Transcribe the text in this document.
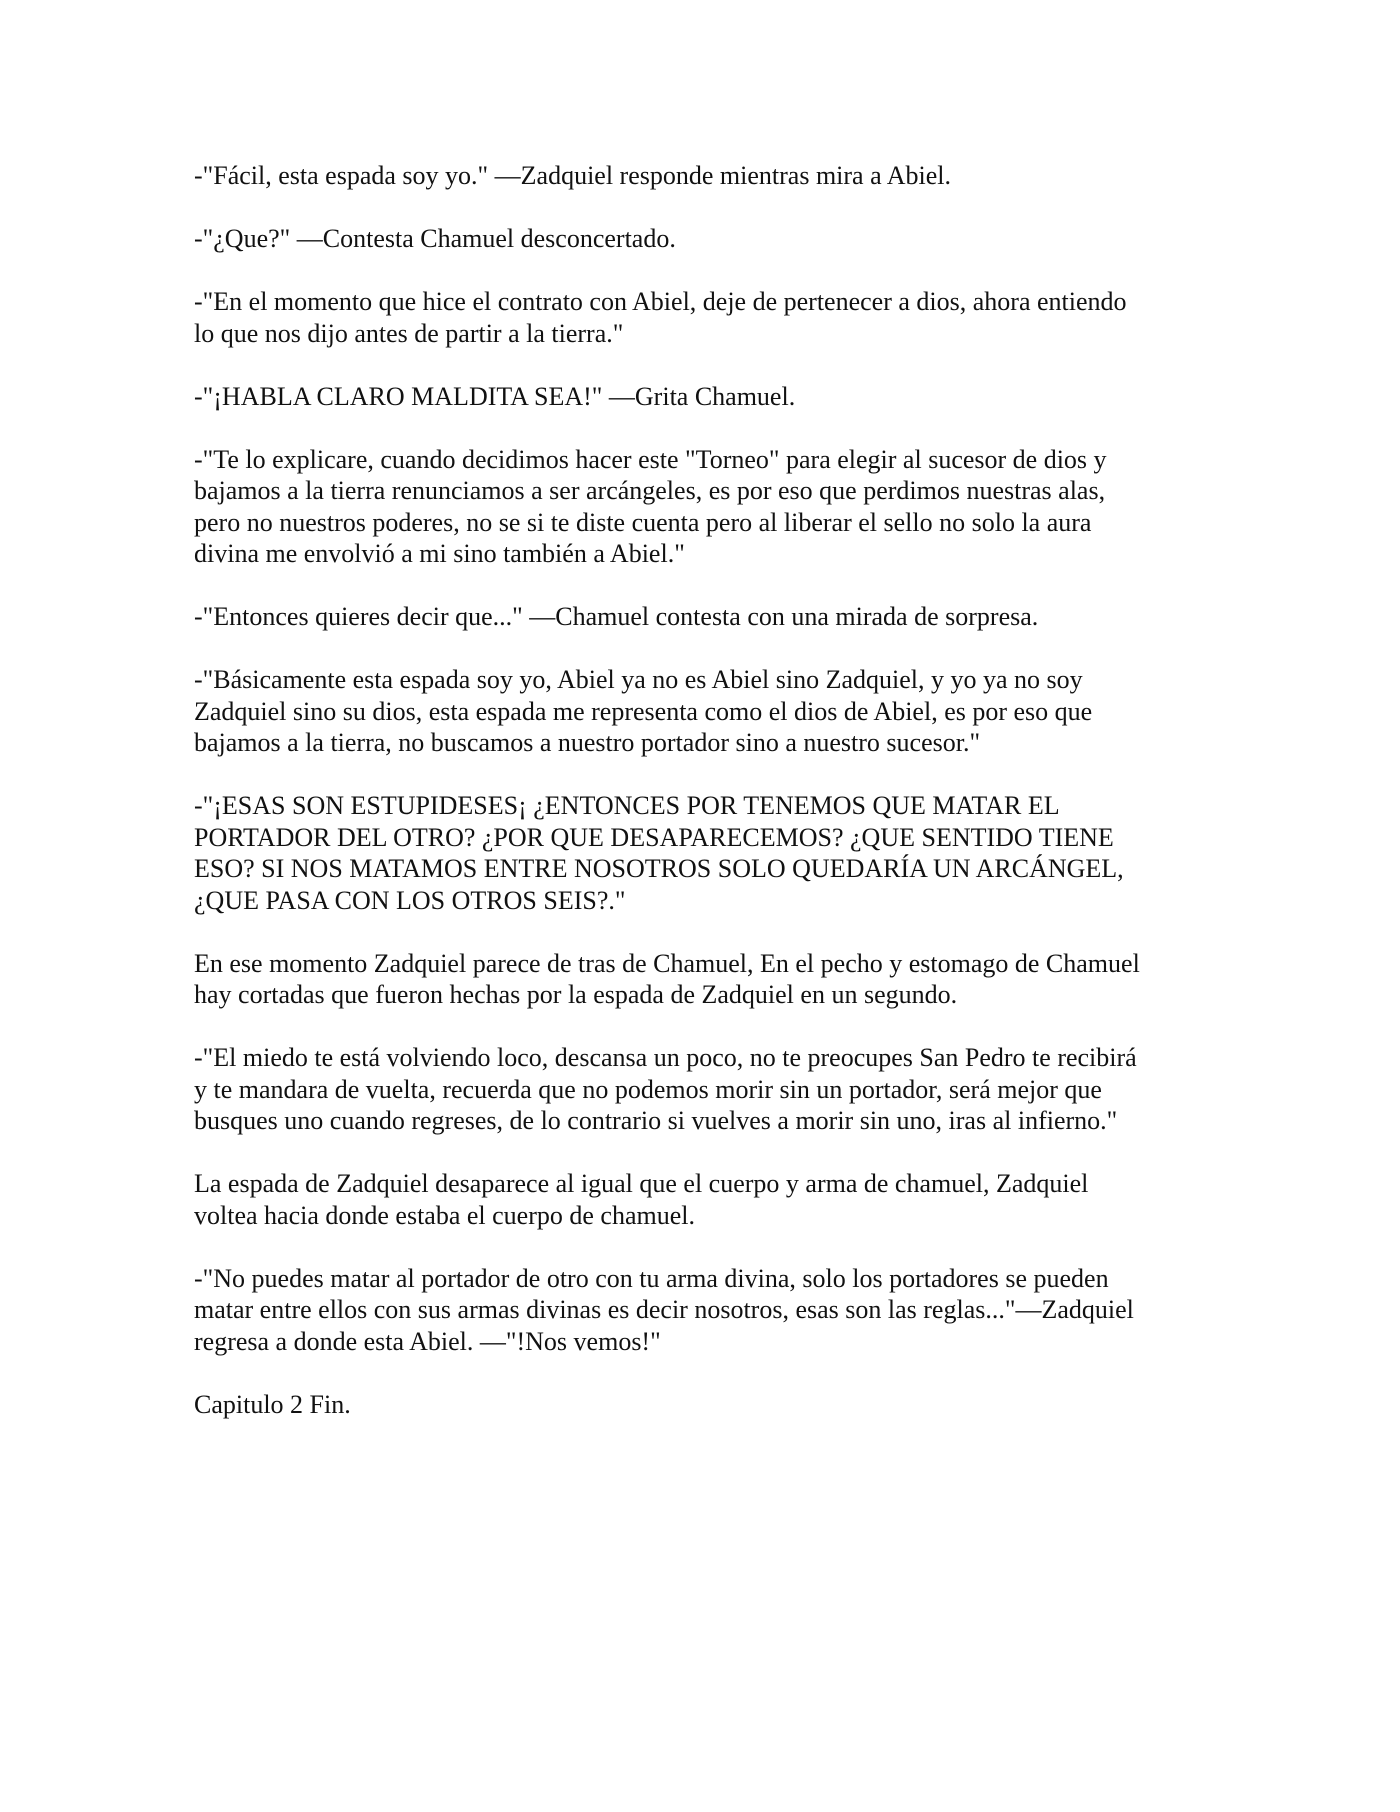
-"Fácil, esta espada soy yo." —Zadquiel responde mientras mira a Abiel.

-"¿Que?" —Contesta Chamuel desconcertado.

-"En el momento que hice el contrato con Abiel, deje de pertenecer a dios, ahora entiendo
lo que nos dijo antes de partir a la tierra."

-"¡HABLA CLARO MALDITA SEA!" —Grita Chamuel.

-"Te lo explicare, cuando decidimos hacer este "Torneo" para elegir al sucesor de dios y
bajamos a la tierra renunciamos a ser arcángeles, es por eso que perdimos nuestras alas,
pero no nuestros poderes, no se si te diste cuenta pero al liberar el sello no solo la aura
divina me envolvió a mi sino también a Abiel."

-"Entonces quieres decir que..." —Chamuel contesta con una mirada de sorpresa.

-"Básicamente esta espada soy yo, Abiel ya no es Abiel sino Zadquiel, y yo ya no soy
Zadquiel sino su dios, esta espada me representa como el dios de Abiel, es por eso que
bajamos a la tierra, no buscamos a nuestro portador sino a nuestro sucesor."

-"¡ESAS SON ESTUPIDESES¡ ¿ENTONCES POR TENEMOS QUE MATAR EL
PORTADOR DEL OTRO? ¿POR QUE DESAPARECEMOS? ¿QUE SENTIDO TIENE
ESO? SI NOS MATAMOS ENTRE NOSOTROS SOLO QUEDARÍA UN ARCÁNGEL,
¿QUE PASA CON LOS OTROS SEIS?."

En ese momento Zadquiel parece de tras de Chamuel, En el pecho y estomago de Chamuel
hay cortadas que fueron hechas por la espada de Zadquiel en un segundo.

-"El miedo te está volviendo loco, descansa un poco, no te preocupes San Pedro te recibirá
y te mandara de vuelta, recuerda que no podemos morir sin un portador, será mejor que
busques uno cuando regreses, de lo contrario si vuelves a morir sin uno, iras al infierno."

La espada de Zadquiel desaparece al igual que el cuerpo y arma de chamuel, Zadquiel
voltea hacia donde estaba el cuerpo de chamuel.

-"No puedes matar al portador de otro con tu arma divina, solo los portadores se pueden
matar entre ellos con sus armas divinas es decir nosotros, esas son las reglas..."—Zadquiel
regresa a donde esta Abiel. —"!Nos vemos!"

Capitulo 2 Fin.
